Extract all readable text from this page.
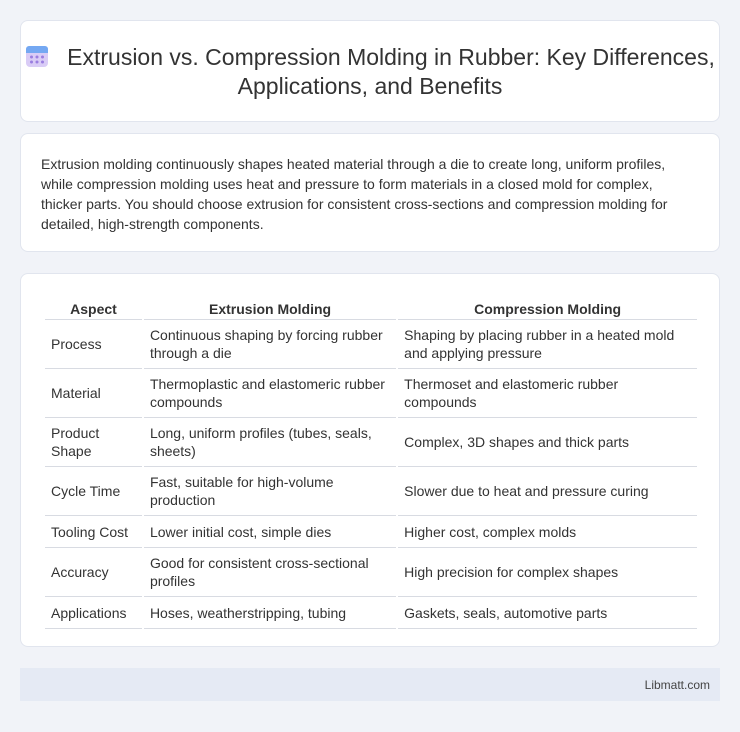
Extrusion vs. Compression Molding in Rubber: Key Differences, Applications, and Benefits

Extrusion molding continuously shapes heated material through a die to create long, uniform profiles, while compression molding uses heat and pressure to form materials in a closed mold for complex, thicker parts. You should choose extrusion for consistent cross-sections and compression molding for detailed, high-strength components.

Aspect	Extrusion Molding	Compression Molding
Process	Continuous shaping by forcing rubber through a die	Shaping by placing rubber in a heated mold and applying pressure
Material	Thermoplastic and elastomeric rubber compounds	Thermoset and elastomeric rubber compounds
Product Shape	Long, uniform profiles (tubes, seals, sheets)	Complex, 3D shapes and thick parts
Cycle Time	Fast, suitable for high-volume production	Slower due to heat and pressure curing
Tooling Cost	Lower initial cost, simple dies	Higher cost, complex molds
Accuracy	Good for consistent cross-sectional profiles	High precision for complex shapes
Applications	Hoses, weatherstripping, tubing	Gaskets, seals, automotive parts
Libmatt.com
